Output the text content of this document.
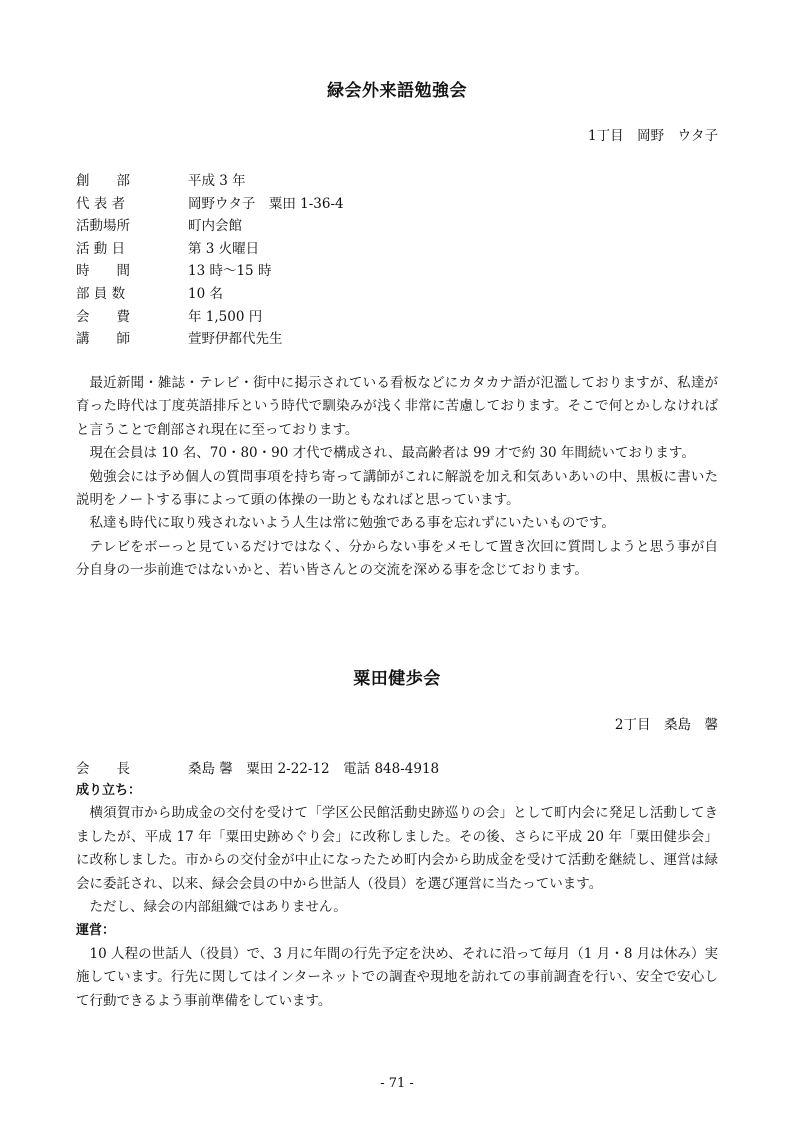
緑会外来語勉強会
1丁目　岡野　ウタ子
創　　部	平成 3 年
代 表 者	岡野ウタ子　粟田 1-36-4
活動場所	町内会館
活 動 日	第 3 火曜日
時　　間	13 時～15 時
部 員 数	10 名
会　　費	年 1,500 円
講　　師	萱野伊都代先生

最近新聞・雑誌・テレビ・街中に掲示されている看板などにカタカナ語が氾濫しておりますが、私達が育った時代は丁度英語排斥という時代で馴染みが浅く非常に苦慮しております。そこで何とかしなければと言うことで創部され現在に至っております。

現在会員は 10 名、70・80・90 才代で構成され、最高齢者は 99 才で約 30 年間続いております。

勉強会には予め個人の質問事項を持ち寄って講師がこれに解説を加え和気あいあいの中、黒板に書いた説明をノートする事によって頭の体操の一助ともなればと思っています。

私達も時代に取り残されないよう人生は常に勉強である事を忘れずにいたいものです。

テレビをボーっと見ているだけではなく、分からない事をメモして置き次回に質問しようと思う事が自分自身の一歩前進ではないかと、若い皆さんとの交流を深める事を念じております。

粟田健歩会
2丁目　桑島　馨
会　　長	桑島 馨　粟田 2-22-12　電話 848-4918
成り立ち：

横須賀市から助成金の交付を受けて「学区公民館活動史跡巡りの会」として町内会に発足し活動してきましたが、平成 17 年「粟田史跡めぐり会」に改称しました。その後、さらに平成 20 年「粟田健歩会」に改称しました。市からの交付金が中止になったため町内会から助成金を受けて活動を継続し、運営は緑会に委託され、以来、緑会会員の中から世話人（役員）を選び運営に当たっています。

ただし、緑会の内部組織ではありません。

運営：

10 人程の世話人（役員）で、3 月に年間の行先予定を決め、それに沿って毎月（1 月・8 月は休み）実施しています。行先に関してはインターネットでの調査や現地を訪れての事前調査を行い、安全で安心して行動できるよう事前準備をしています。

- 71 -
